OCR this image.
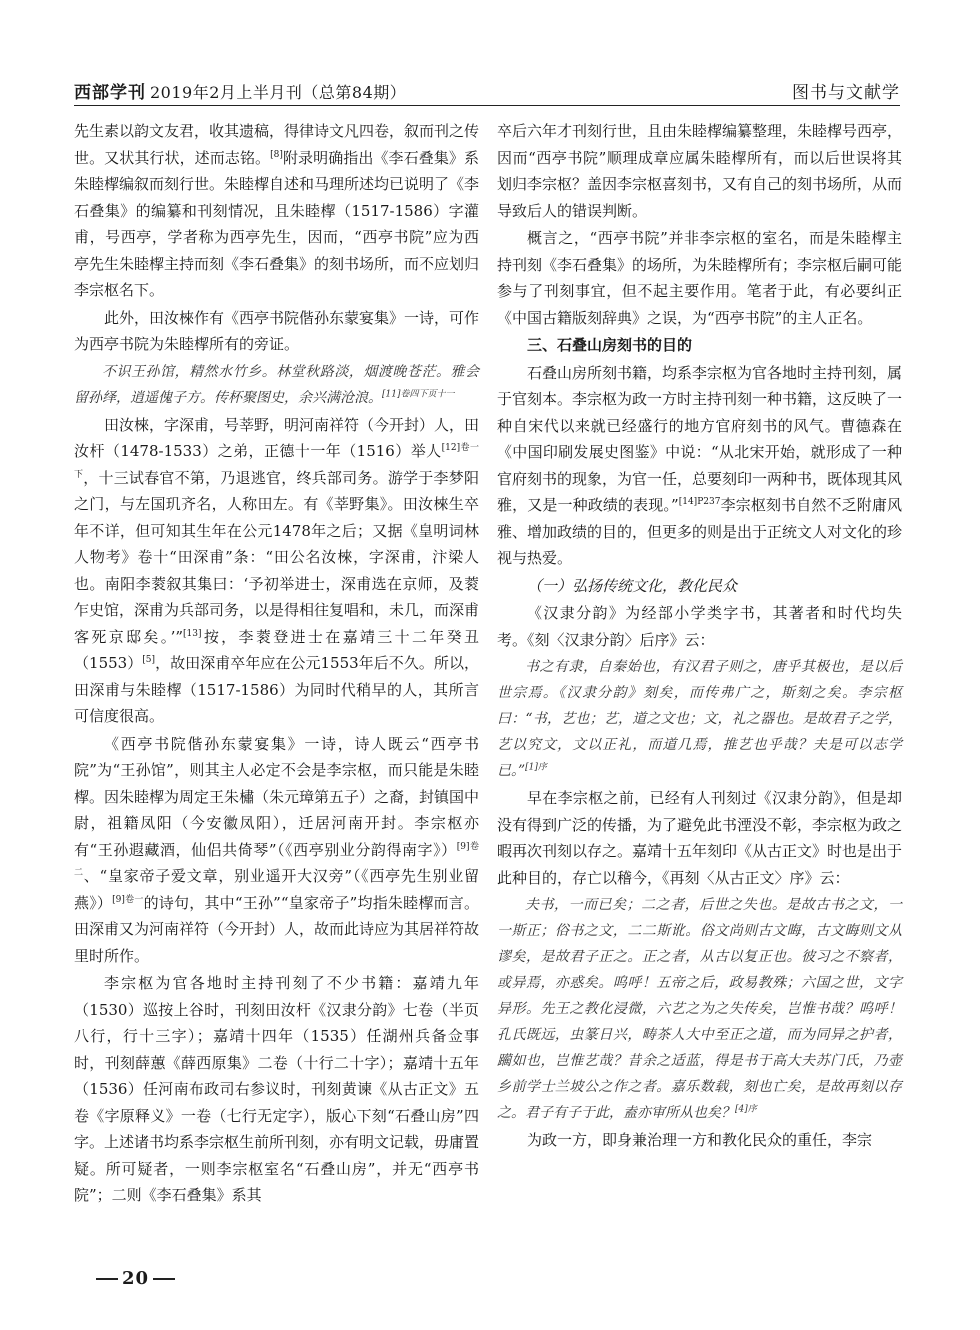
西部学刊 2019年2月上半月刊（总第84期）	图书与文献学

先生素以韵文友君，收其遗稿，得律诗文凡四卷，叙而刊之传世。又状其行状，述而志铭。[8]附录明确指出《李石叠集》系朱睦㮮编叙而刻行世。朱睦㮮自述和马理所述均已说明了《李石叠集》的编纂和刊刻情况，且朱睦㮮（1517-1586）字灌甫，号西亭，学者称为西亭先生，因而，“西亭书院”应为西亭先生朱睦㮮主持而刻《李石叠集》的刻书场所，而不应划归李宗枢名下。

此外，田汝棶作有《西亭书院偕孙东蒙宴集》一诗，可作为西亭书院为朱睦㮮所有的旁证。

不识王孙馆，精然水竹乡。林堂秋路淡，烟渡晚苍茫。雅会留孙绎，逍遥傀子方。传杯聚图史，余兴满沧浪。$^{[11]卷四下页十一}$

田汝棶，字深甫，号莘野，明河南祥符（今开封）人，田汝杆（1478-1533）之弟，正德十一年（1516）举人$^{[12]卷一下}$，十三试春官不第，乃退逃官，终兵部司务。游学于李梦阳之门，与左国玑齐名，人称田左。有《莘野集》。田汝棶生卒年不详，但可知其生年在公元1478年之后；又据《皇明词林人物考》卷十“田深甫”条：“田公名汝棶，字深甫，汴梁人也。南阳李蓘叙其集曰：‘予初举进士，深甫选在京师，及蓘乍史馆，深甫为兵部司务，以是得相往复唱和，未几，而深甫客死京邸矣。’”[13]按，李蓘登进士在嘉靖三十二年癸丑（1553）[5]，故田深甫卒年应在公元1553年后不久。所以，田深甫与朱睦㮮（1517-1586）为同时代稍早的人，其所言可信度很高。

《西亭书院偕孙东蒙宴集》一诗，诗人既云“西亭书院”为“王孙馆”，则其主人必定不会是李宗枢，而只能是朱睦㮮。因朱睦㮮为周定王朱橚（朱元璋第五子）之裔，封镇国中尉，祖籍凤阳（今安徽凤阳），迁居河南开封。李宗枢亦有“王孙遐藏酒，仙侣共倚琴”（《西亭别业分韵得南字》）$^{[9]卷二}$、“皇家帝子爱文章，别业遥开大汉旁”（《西亭先生别业留燕》）$^{[9]卷一}$的诗句，其中“王孙”“皇家帝子”均指朱睦㮮而言。田深甫又为河南祥符（今开封）人，故而此诗应为其居祥符故里时所作。

李宗枢为官各地时主持刊刻了不少书籍：嘉靖九年（1530）巡按上谷时，刊刻田汝杆《汉隶分韵》七卷（半页八行，行十三字）；嘉靖十四年（1535）任湖州兵备佥事时，刊刻薛蕙《薛西原集》二卷（十行二十字）；嘉靖十五年（1536）任河南布政司右参议时，刊刻黄谏《从古正文》五卷《字原释义》一卷（七行无定字），版心下刻“石叠山房”四字。上述诸书均系李宗枢生前所刊刻，亦有明文记载，毋庸置疑。所可疑者，一则李宗枢室名“石叠山房”，并无“西亭书院”；二则《李石叠集》系其

卒后六年才刊刻行世，且由朱睦㮮编纂整理，朱睦㮮号西亭，因而“西亭书院”顺理成章应属朱睦㮮所有，而以后世误将其划归李宗枢？盖因李宗枢喜刻书，又有自己的刻书场所，从而导致后人的错误判断。

概言之，“西亭书院”并非李宗枢的室名，而是朱睦㮮主持刊刻《李石叠集》的场所，为朱睦㮮所有；李宗枢后嗣可能参与了刊刻事宜，但不起主要作用。笔者于此，有必要纠正《中国古籍版刻辞典》之误，为“西亭书院”的主人正名。

三、石叠山房刻书的目的

石叠山房所刻书籍，均系李宗枢为官各地时主持刊刻，属于官刻本。李宗枢为政一方时主持刊刻一种书籍，这反映了一种自宋代以来就已经盛行的地方官府刻书的风气。曹德森在《中国印刷发展史图鉴》中说：“从北宋开始，就形成了一种官府刻书的现象，为官一任，总要刻印一两种书，既体现其风雅，又是一种政绩的表现。”$^{[14]P237}$李宗枢刻书自然不乏附庸风雅、增加政绩的目的，但更多的则是出于正统文人对文化的珍视与热爱。

（一）弘扬传统文化，教化民众

《汉隶分韵》为经部小学类字书，其著者和时代均失考。《刻〈汉隶分韵〉后序》云：

书之有隶，自秦始也，有汉君子则之，唐乎其极也，是以后世宗焉。《汉隶分韵》刻矣，而传弗广之，斯刻之矣。李宗枢曰：“书，艺也；艺，道之文也；文，礼之器也。是故君子之学，艺以究文，文以正礼，而道几焉，推艺也乎哉？夫是可以志学已。”$^{[1]序}$

早在李宗枢之前，已经有人刊刻过《汉隶分韵》，但是却没有得到广泛的传播，为了避免此书湮没不彰，李宗枢为政之暇再次刊刻以存之。嘉靖十五年刻印《从古正文》时也是出于此种目的，存亡以稽今，《再刻〈从古正文〉序》云：

夫书，一而已矣；二之者，后世之失也。是故古书之文，一一斯正；俗书之文，二二斯讹。俗文尚则古文晦，古文晦则文从谬矣，是故君子正之。正之者，从古以复正也。彼习之不察者，或异焉，亦惑矣。呜呼！五帝之后，政易教殊；六国之世，文字异形。先王之教化浸微，六艺之为之失传矣，岂惟书哉？呜呼！孔氏既远，虫篆日兴，畴茶人大中至正之道，而为同异之护者，躏如也，岂惟艺哉？昔余之适蓝，得是书于高大夫苏门氏，乃壶乡前学士兰坡公之作之者。嘉乐数载，刻也亡矣，是故再刻以存之。君子有子于此，盍亦审所从也矣？$^{[4]序}$

为政一方，即身兼治理一方和教化民众的重任，李宗

20
